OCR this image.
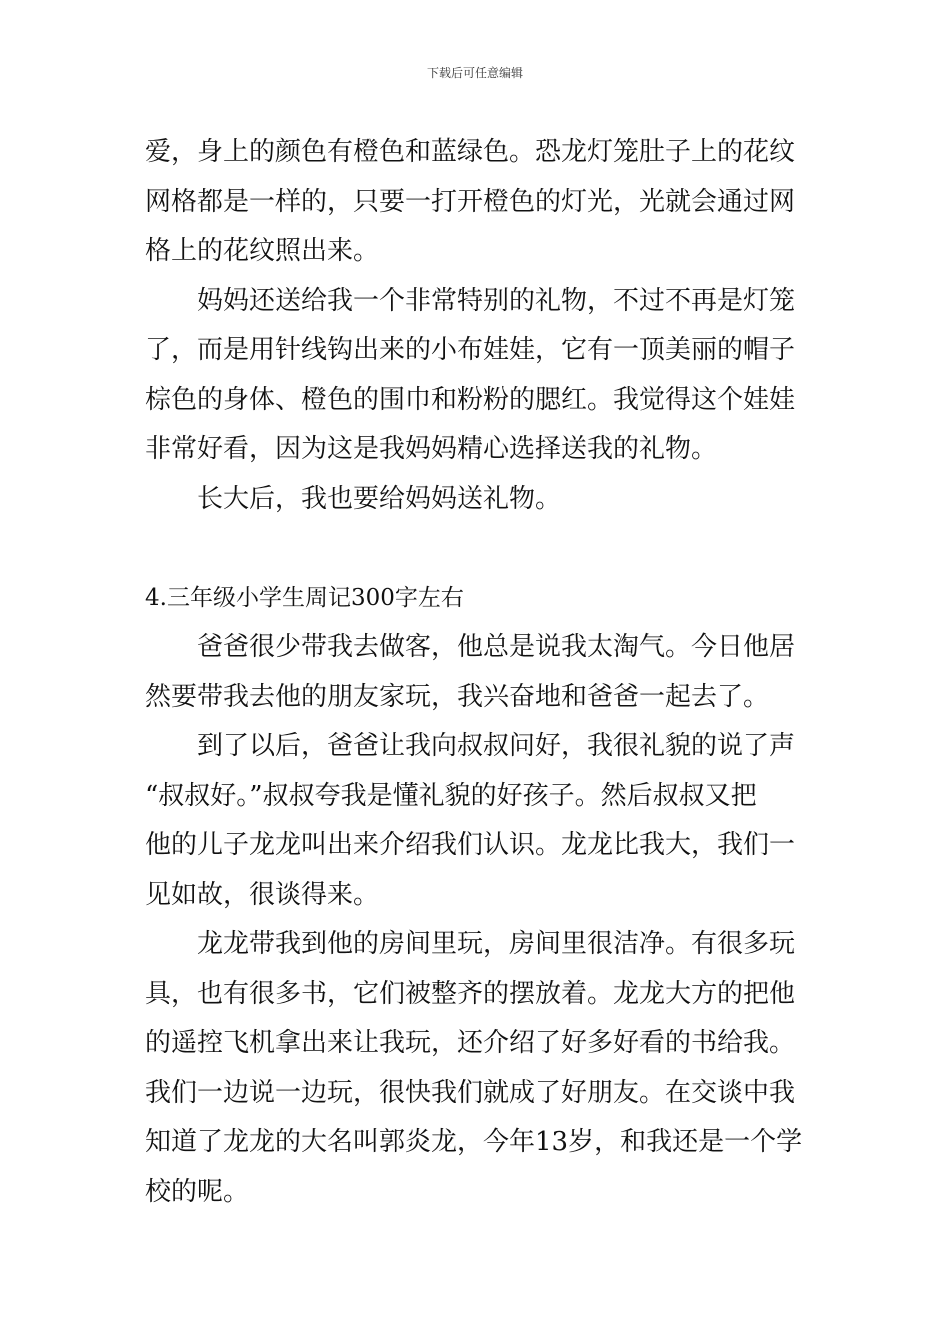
下载后可任意编辑
爱，身上的颜色有橙色和蓝绿色。恐龙灯笼肚子上的花纹
网格都是一样的，只要一打开橙色的灯光，光就会通过网
格上的花纹照出来。
妈妈还送给我一个非常特别的礼物，不过不再是灯笼
了，而是用针线钩出来的小布娃娃，它有一顶美丽的帽子
棕色的身体、橙色的围巾和粉粉的腮红。我觉得这个娃娃
非常好看，因为这是我妈妈精心选择送我的礼物。
长大后，我也要给妈妈送礼物。
4.三年级小学生周记300字左右
爸爸很少带我去做客，他总是说我太淘气。今日他居
然要带我去他的朋友家玩，我兴奋地和爸爸一起去了。
到了以后，爸爸让我向叔叔问好，我很礼貌的说了声
“叔叔好。”叔叔夸我是懂礼貌的好孩子。然后叔叔又把
他的儿子龙龙叫出来介绍我们认识。龙龙比我大，我们一
见如故，很谈得来。
龙龙带我到他的房间里玩，房间里很洁净。有很多玩
具，也有很多书，它们被整齐的摆放着。龙龙大方的把他
的遥控飞机拿出来让我玩，还介绍了好多好看的书给我。
我们一边说一边玩，很快我们就成了好朋友。在交谈中我
知道了龙龙的大名叫郭炎龙，今年13岁，和我还是一个学
校的呢。
